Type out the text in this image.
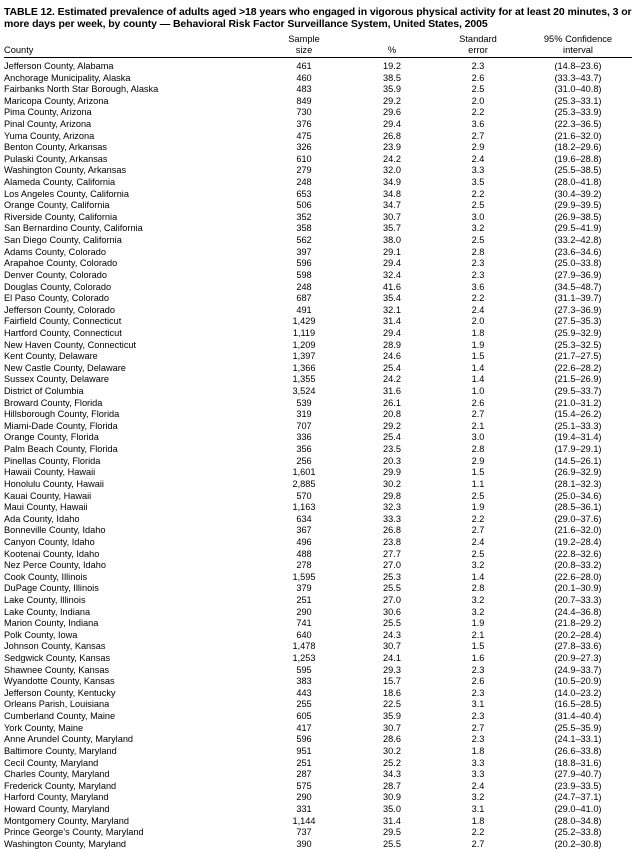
TABLE 12. Estimated prevalence of adults aged >18 years who engaged in vigorous physical activity for at least 20 minutes, 3 or more days per week, by county — Behavioral Risk Factor Surveillance System, United States, 2005
	Sample		Standard	95% Confidence
County	size	%	error	interval
Jefferson County, Alabama	461	19.2	2.3	(14.8–23.6)
Anchorage Municipality, Alaska	460	38.5	2.6	(33.3–43.7)
Fairbanks North Star Borough, Alaska	483	35.9	2.5	(31.0–40.8)
Maricopa County, Arizona	849	29.2	2.0	(25.3–33.1)
Pima County, Arizona	730	29.6	2.2	(25.3–33.9)
Pinal County, Arizona	376	29.4	3.6	(22.3–36.5)
Yuma County, Arizona	475	26.8	2.7	(21.6–32.0)
Benton County, Arkansas	326	23.9	2.9	(18.2–29.6)
Pulaski County, Arkansas	610	24.2	2.4	(19.6–28.8)
Washington County, Arkansas	279	32.0	3.3	(25.5–38.5)
Alameda County, California	248	34.9	3.5	(28.0–41.8)
Los Angeles County, California	653	34.8	2.2	(30.4–39.2)
Orange County, California	506	34.7	2.5	(29.9–39.5)
Riverside County, California	352	30.7	3.0	(26.9–38.5)
San Bernardino County, California	358	35.7	3.2	(29.5–41.9)
San Diego County, California	562	38.0	2.5	(33.2–42.8)
Adams County, Colorado	397	29.1	2.8	(23.6–34.6)
Arapahoe County, Colorado	596	29.4	2.3	(25.0–33.8)
Denver County, Colorado	598	32.4	2.3	(27.9–36.9)
Douglas County, Colorado	248	41.6	3.6	(34.5–48.7)
El Paso County, Colorado	687	35.4	2.2	(31.1–39.7)
Jefferson County, Colorado	491	32.1	2.4	(27.3–36.9)
Fairfield County, Connecticut	1,429	31.4	2.0	(27.5–35.3)
Hartford County, Connecticut	1,119	29.4	1.8	(25.9–32.9)
New Haven County, Connecticut	1,209	28.9	1.9	(25.3–32.5)
Kent County, Delaware	1,397	24.6	1.5	(21.7–27.5)
New Castle County, Delaware	1,366	25.4	1.4	(22.6–28.2)
Sussex County, Delaware	1,355	24.2	1.4	(21.5–26.9)
District of Columbia	3,524	31.6	1.0	(29.5–33.7)
Broward County, Florida	539	26.1	2.6	(21.0–31.2)
Hillsborough County, Florida	319	20.8	2.7	(15.4–26.2)
Miami-Dade County, Florida	707	29.2	2.1	(25.1–33.3)
Orange County, Florida	336	25.4	3.0	(19.4–31.4)
Palm Beach County, Florida	356	23.5	2.8	(17.9–29.1)
Pinellas County, Florida	256	20.3	2.9	(14.5–26.1)
Hawaii County, Hawaii	1,601	29.9	1.5	(26.9–32.9)
Honolulu County, Hawaii	2,885	30.2	1.1	(28.1–32.3)
Kauai County, Hawaii	570	29.8	2.5	(25.0–34.6)
Maui County, Hawaii	1,163	32.3	1.9	(28.5–36.1)
Ada County, Idaho	634	33.3	2.2	(29.0–37.6)
Bonneville County, Idaho	367	26.8	2.7	(21.6–32.0)
Canyon County, Idaho	496	23.8	2.4	(19.2–28.4)
Kootenai County, Idaho	488	27.7	2.5	(22.8–32.6)
Nez Perce County, Idaho	278	27.0	3.2	(20.8–33.2)
Cook County, Illinois	1,595	25.3	1.4	(22.6–28.0)
DuPage County, Illinois	379	25.5	2.8	(20.1–30.9)
Lake County, Illinois	251	27.0	3.2	(20.7–33.3)
Lake County, Indiana	290	30.6	3.2	(24.4–36.8)
Marion County, Indiana	741	25.5	1.9	(21.8–29.2)
Polk County, Iowa	640	24.3	2.1	(20.2–28.4)
Johnson County, Kansas	1,478	30.7	1.5	(27.8–33.6)
Sedgwick County, Kansas	1,253	24.1	1.6	(20.9–27.3)
Shawnee County, Kansas	595	29.3	2.3	(24.9–33.7)
Wyandotte County, Kansas	383	15.7	2.6	(10.5–20.9)
Jefferson County, Kentucky	443	18.6	2.3	(14.0–23.2)
Orleans Parish, Louisiana	255	22.5	3.1	(16.5–28.5)
Cumberland County, Maine	605	35.9	2.3	(31.4–40.4)
York County, Maine	417	30.7	2.7	(25.5–35.9)
Anne Arundel County, Maryland	596	28.6	2.3	(24.1–33.1)
Baltimore County, Maryland	951	30.2	1.8	(26.6–33.8)
Cecil County, Maryland	251	25.2	3.3	(18.8–31.6)
Charles County, Maryland	287	34.3	3.3	(27.9–40.7)
Frederick County, Maryland	575	28.7	2.4	(23.9–33.5)
Harford County, Maryland	290	30.9	3.2	(24.7–37.1)
Howard County, Maryland	331	35.0	3.1	(29.0–41.0)
Montgomery County, Maryland	1,144	31.4	1.8	(28.0–34.8)
Prince George’s County, Maryland	737	29.5	2.2	(25.2–33.8)
Washington County, Maryland	390	25.5	2.7	(20.2–30.8)
